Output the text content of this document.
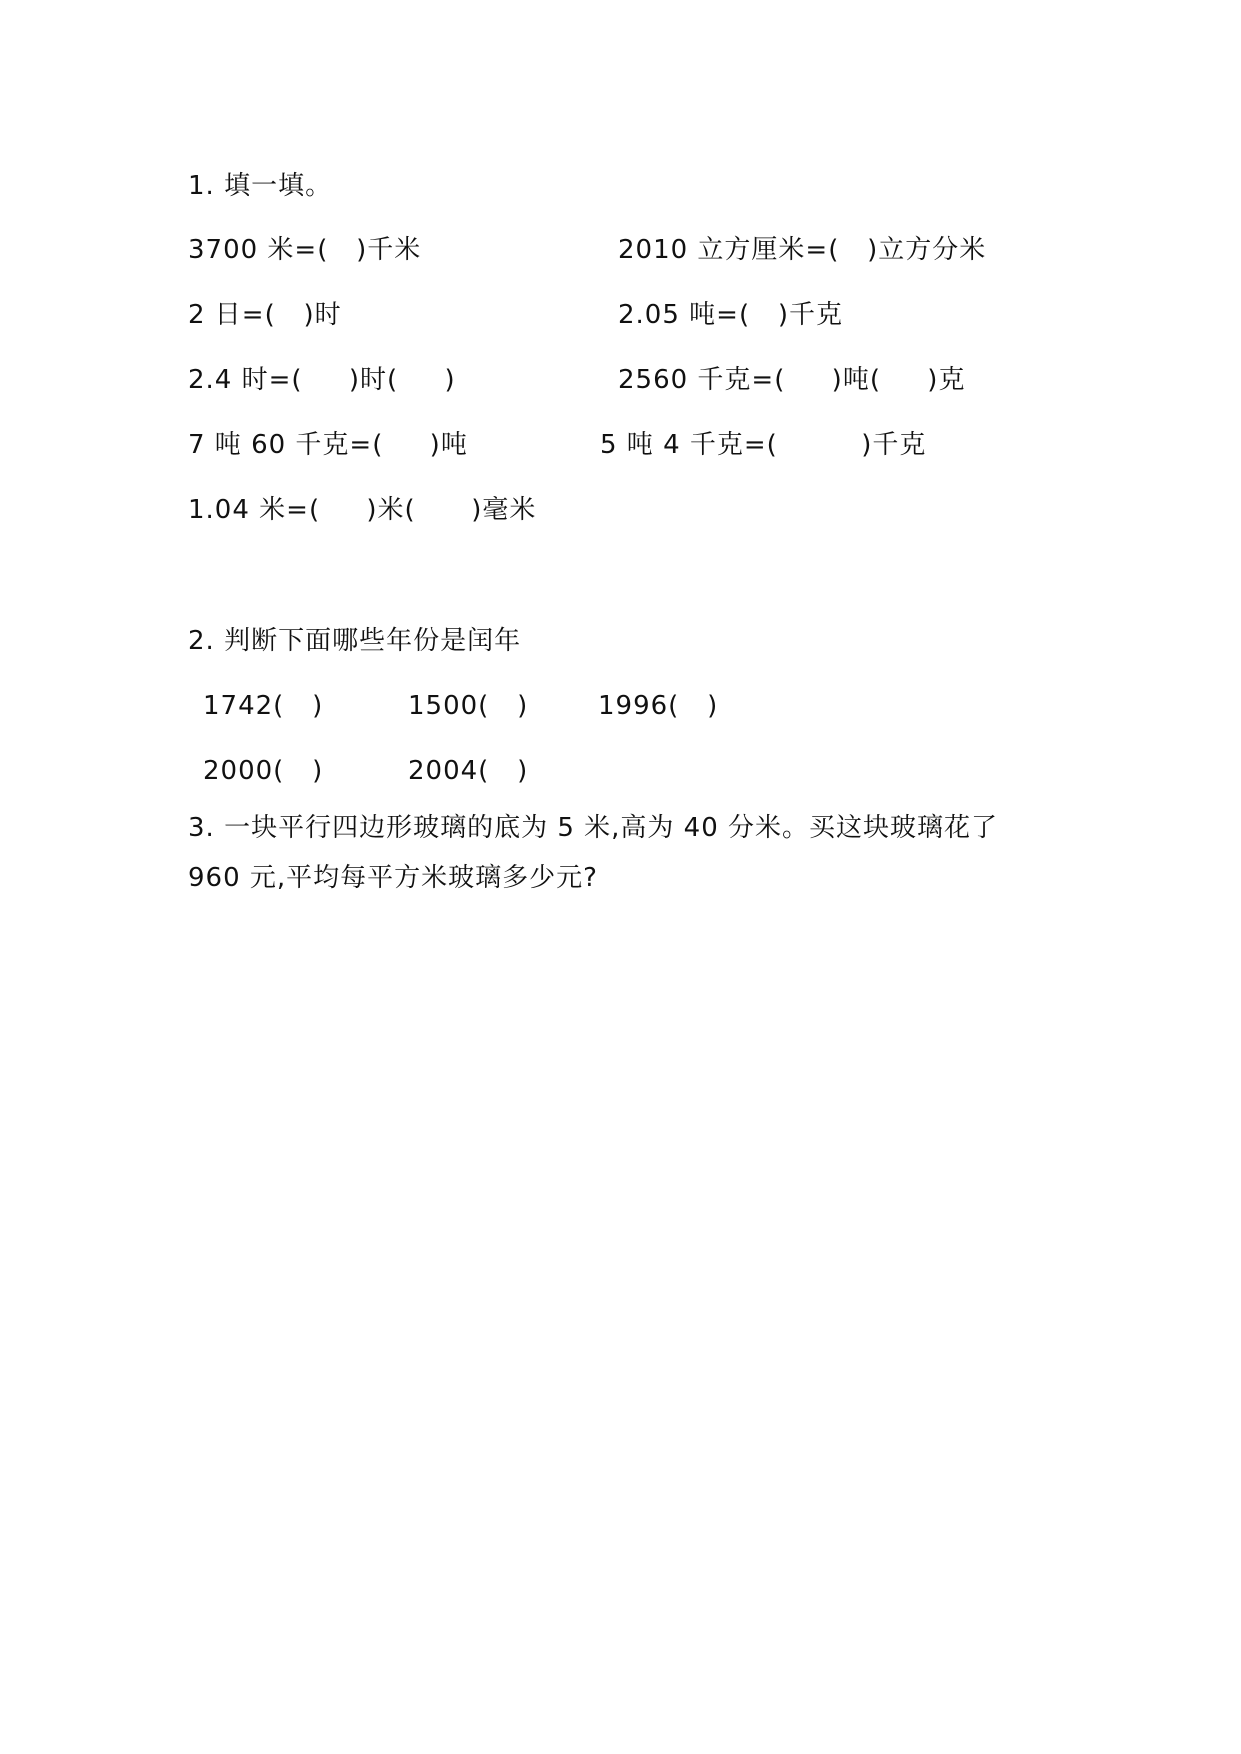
1. 填一填。
3700 米=(   )千米	2010 立方厘米=(   )立方分米
2 日=(   )时	2.05 吨=(   )千克
2.4 时=(     )时(     )	2560 千克=(     )吨(     )克
7 吨 60 千克=(     )吨	5 吨 4 千克=(         )千克
1.04 米=(     )米(      )毫米
2. 判断下面哪些年份是闰年
1742(   )	1500(   )	1996(   )
2000(   )	2004(   )
3. 一块平行四边形玻璃的底为 5 米,高为 40 分米。买这块玻璃花了
960 元,平均每平方米玻璃多少元?
